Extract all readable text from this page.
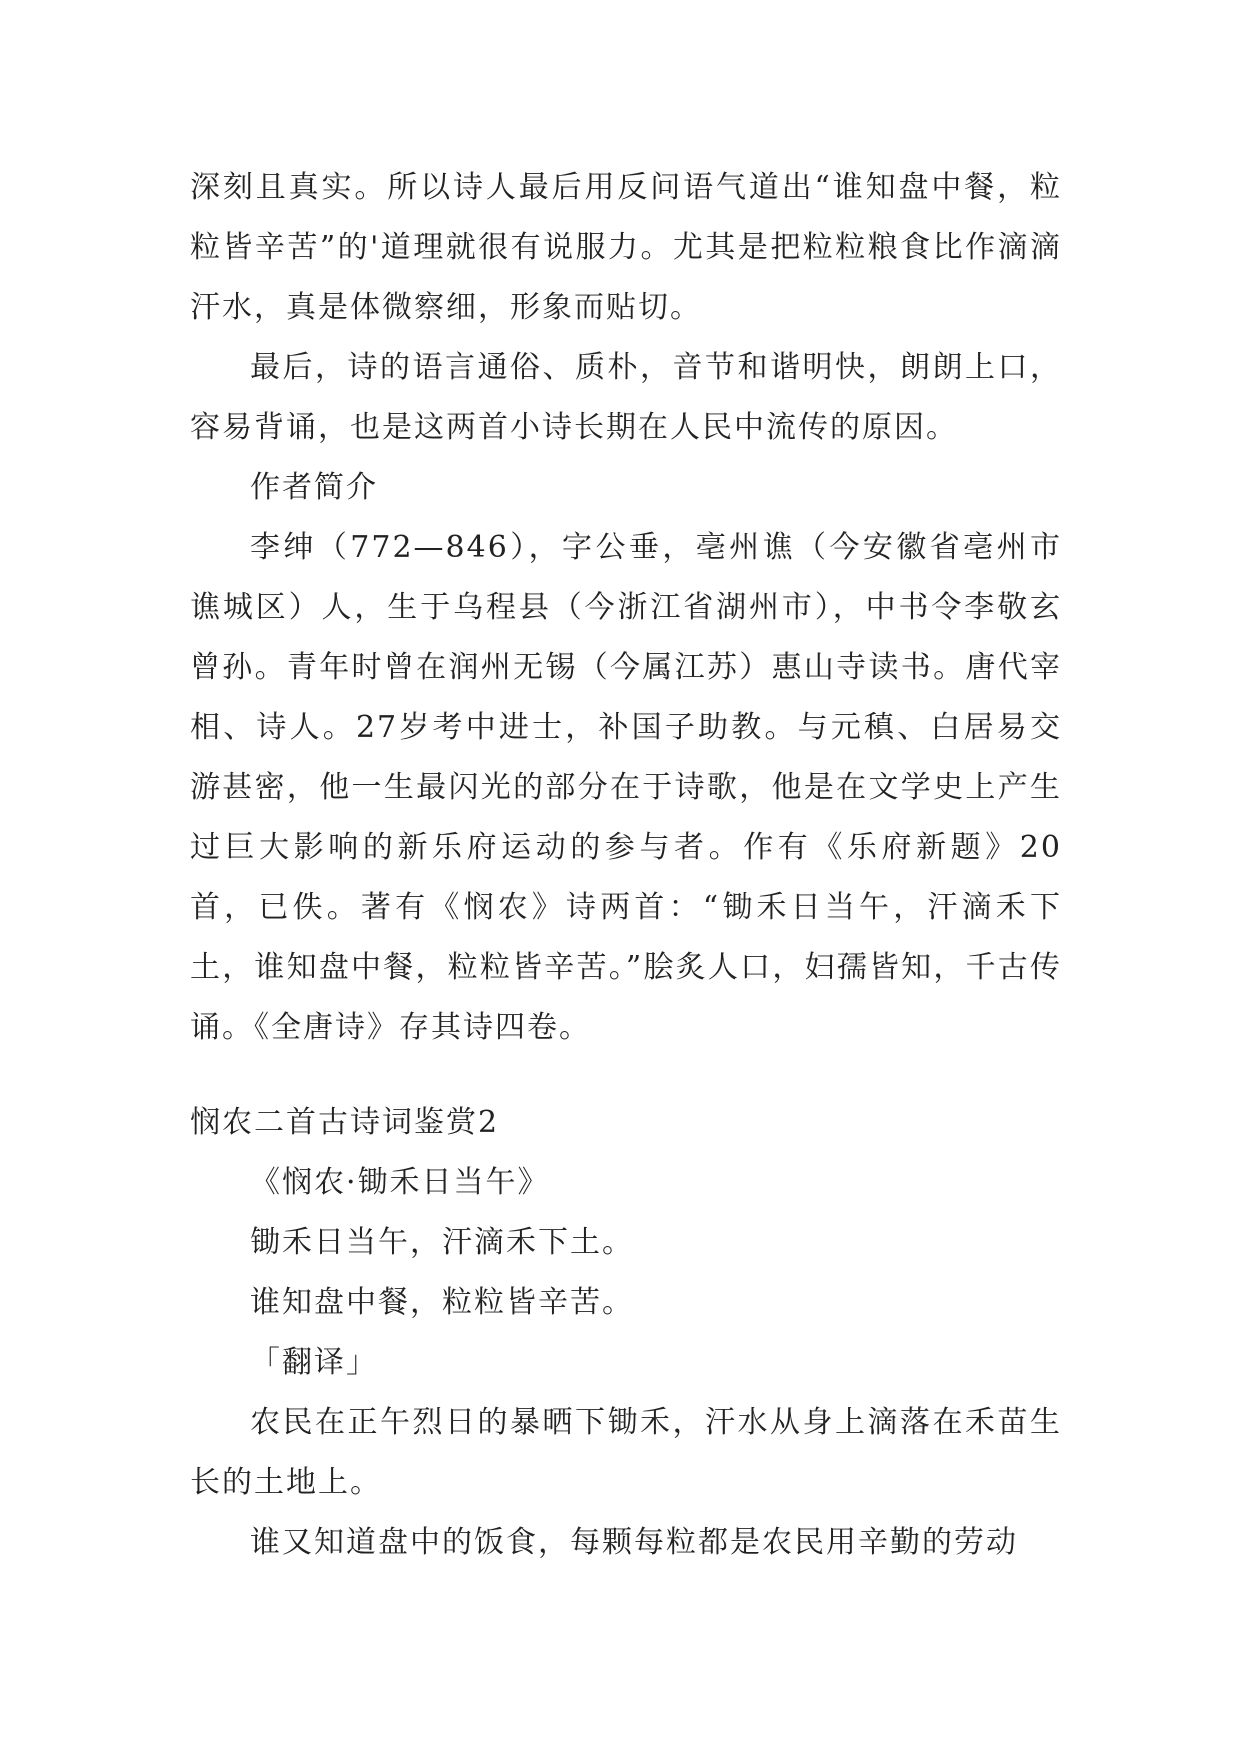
深刻且真实。所以诗人最后用反问语气道出“谁知盘中餐，粒粒皆辛苦”的'道理就很有说服力。尤其是把粒粒粮食比作滴滴汗水，真是体微察细，形象而贴切。

最后，诗的语言通俗、质朴，音节和谐明快，朗朗上口，容易背诵，也是这两首小诗长期在人民中流传的原因。

作者简介

李绅（772—846），字公垂，亳州谯（今安徽省亳州市谯城区）人，生于乌程县（今浙江省湖州市），中书令李敬玄曾孙。青年时曾在润州无锡（今属江苏）惠山寺读书。唐代宰相、诗人。27岁考中进士，补国子助教。与元稹、白居易交游甚密，他一生最闪光的部分在于诗歌，他是在文学史上产生过巨大影响的新乐府运动的参与者。作有《乐府新题》20首，已佚。著有《悯农》诗两首：“锄禾日当午，汗滴禾下土，谁知盘中餐，粒粒皆辛苦。”脍炙人口，妇孺皆知，千古传诵。《全唐诗》存其诗四卷。

悯农二首古诗词鉴赏2

《悯农·锄禾日当午》

锄禾日当午，汗滴禾下土。

谁知盘中餐，粒粒皆辛苦。

「翻译」

农民在正午烈日的暴晒下锄禾，汗水从身上滴落在禾苗生长的土地上。

谁又知道盘中的饭食，每颗每粒都是农民用辛勤的劳动
